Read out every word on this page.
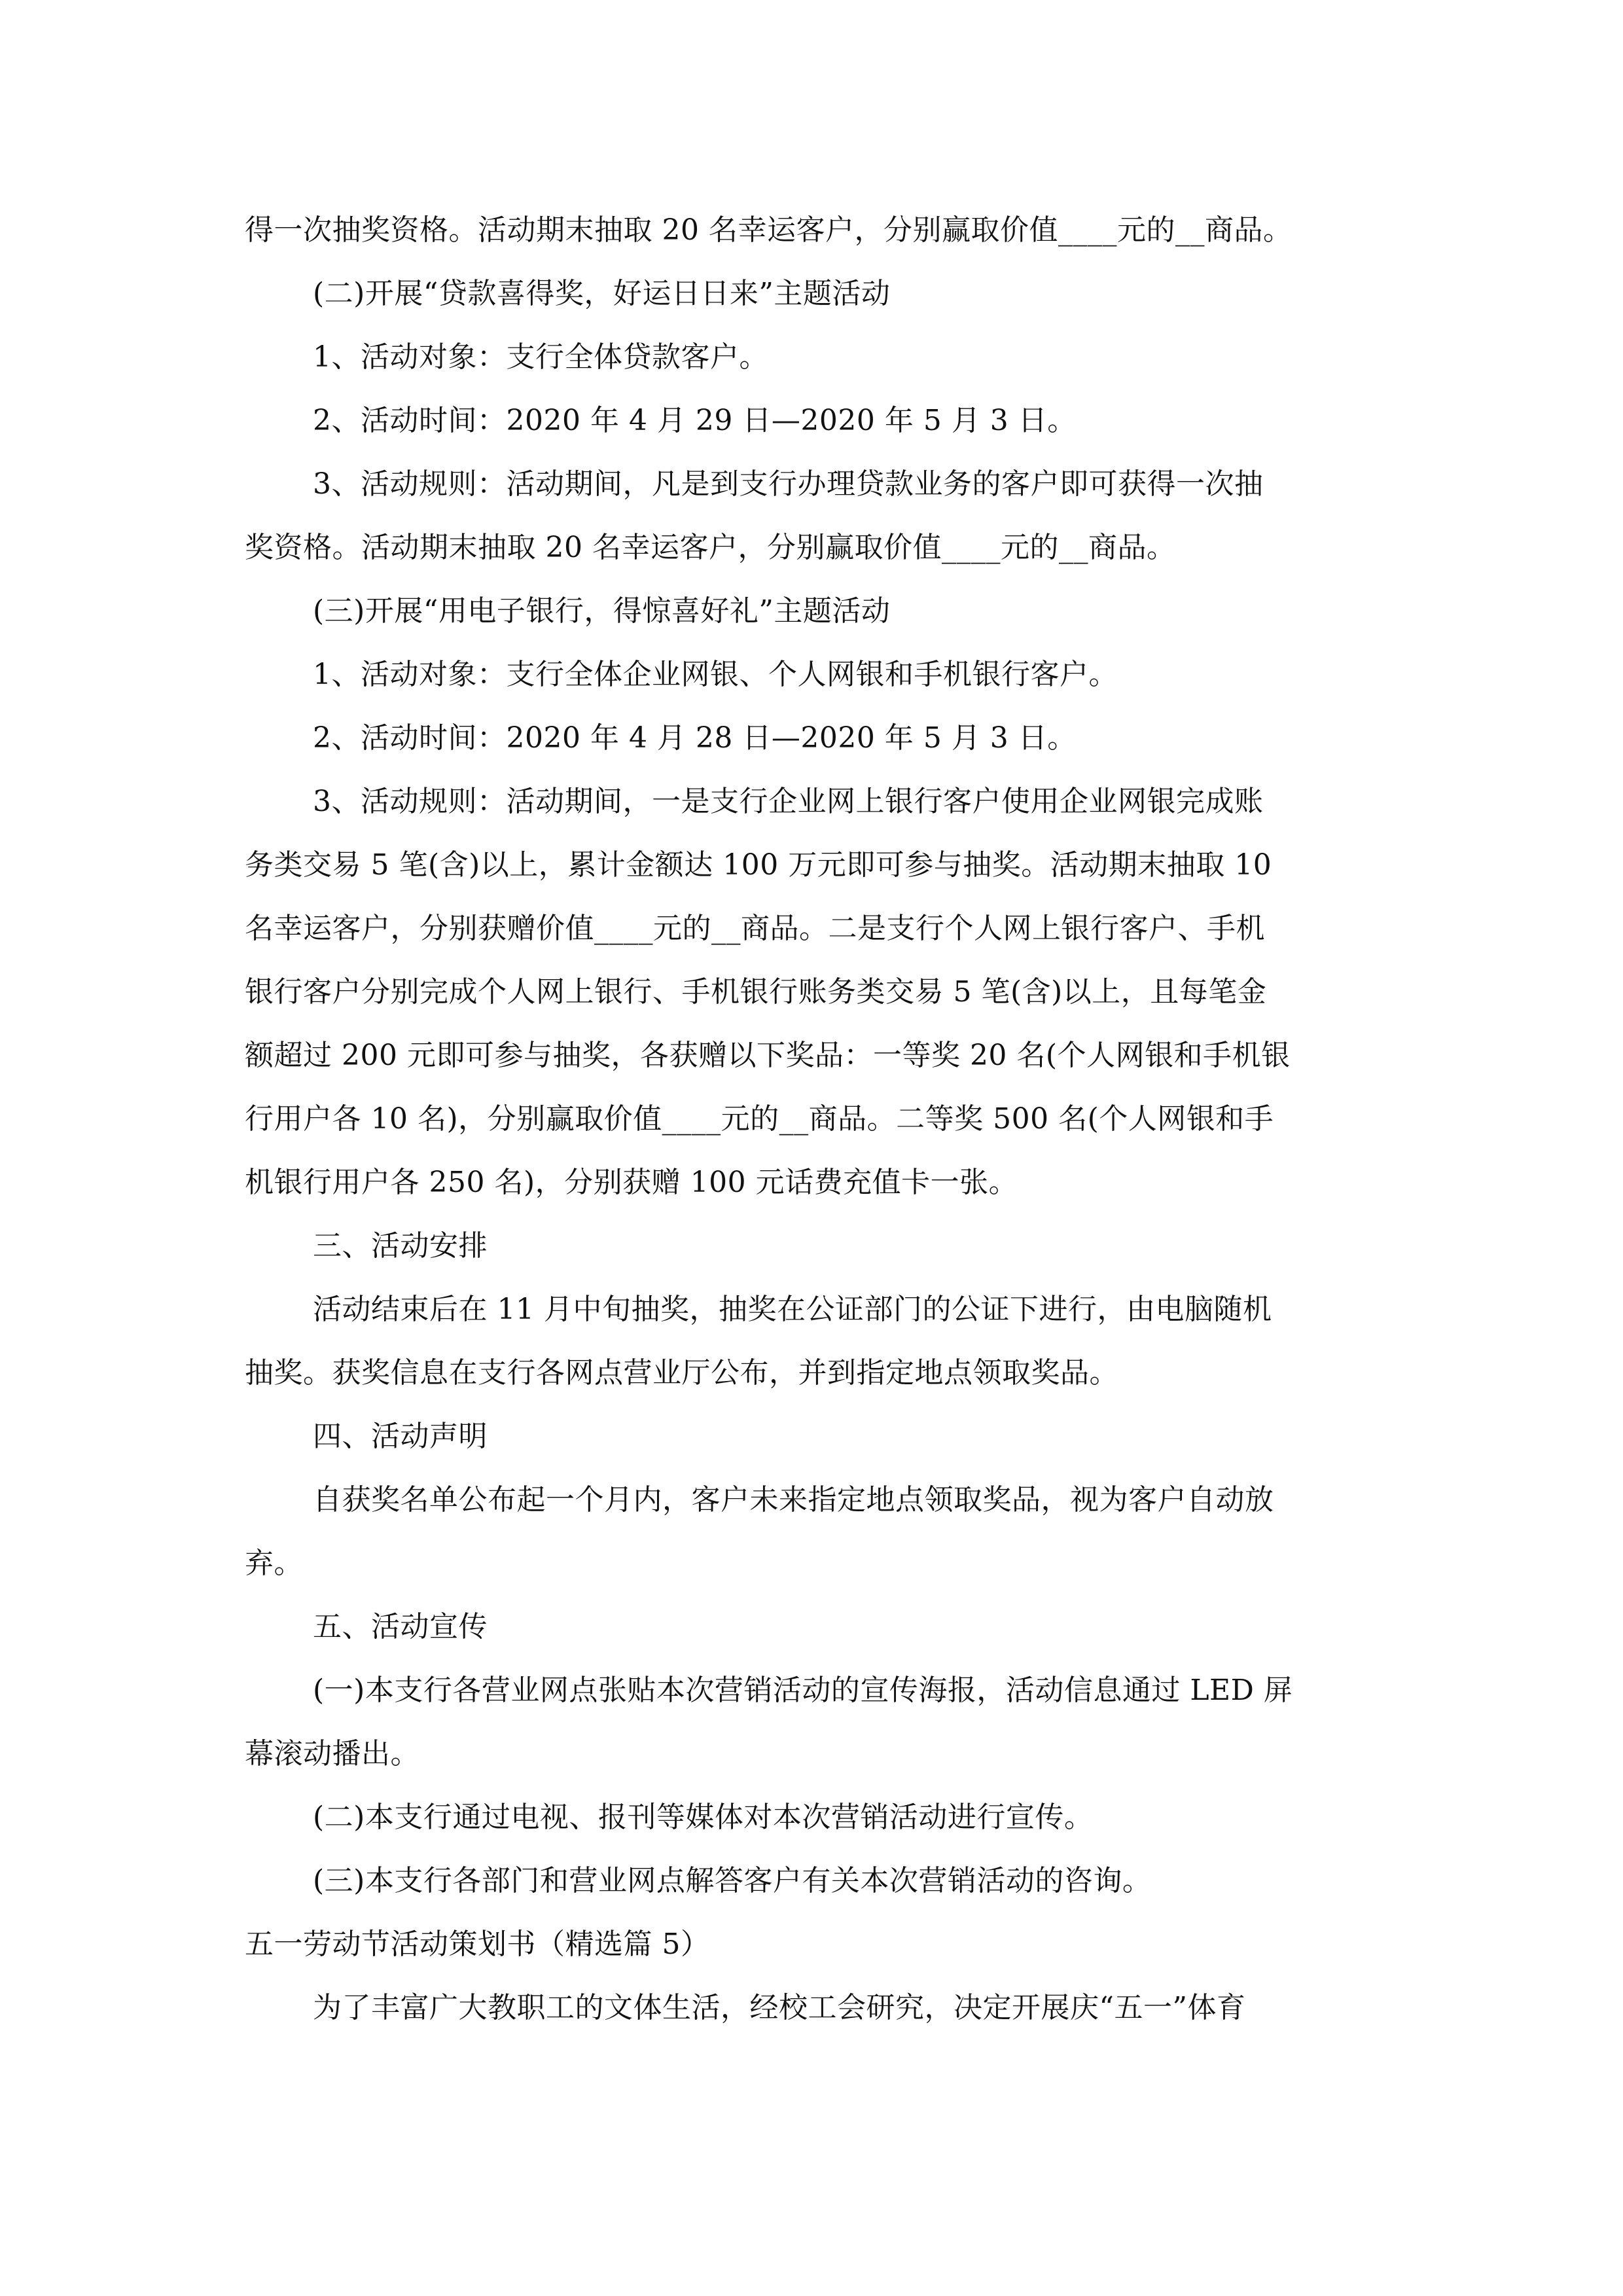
得一次抽奖资格。活动期末抽取 20 名幸运客户，分别赢取价值____元的__商品。
(二)开展“贷款喜得奖，好运日日来”主题活动
1、活动对象：支行全体贷款客户。
2、活动时间：2020 年 4 月 29 日—2020 年 5 月 3 日。
3、活动规则：活动期间，凡是到支行办理贷款业务的客户即可获得一次抽
奖资格。活动期末抽取 20 名幸运客户，分别赢取价值____元的__商品。
(三)开展“用电子银行，得惊喜好礼”主题活动
1、活动对象：支行全体企业网银、个人网银和手机银行客户。
2、活动时间：2020 年 4 月 28 日—2020 年 5 月 3 日。
3、活动规则：活动期间，一是支行企业网上银行客户使用企业网银完成账
务类交易 5 笔(含)以上，累计金额达 100 万元即可参与抽奖。活动期末抽取 10
名幸运客户，分别获赠价值____元的__商品。二是支行个人网上银行客户、手机
银行客户分别完成个人网上银行、手机银行账务类交易 5 笔(含)以上，且每笔金
额超过 200 元即可参与抽奖，各获赠以下奖品：一等奖 20 名(个人网银和手机银
行用户各 10 名)，分别赢取价值____元的__商品。二等奖 500 名(个人网银和手
机银行用户各 250 名)，分别获赠 100 元话费充值卡一张。
三、活动安排
活动结束后在 11 月中旬抽奖，抽奖在公证部门的公证下进行，由电脑随机
抽奖。获奖信息在支行各网点营业厅公布，并到指定地点领取奖品。
四、活动声明
自获奖名单公布起一个月内，客户未来指定地点领取奖品，视为客户自动放
弃。
五、活动宣传
(一)本支行各营业网点张贴本次营销活动的宣传海报，活动信息通过 LED 屏
幕滚动播出。
(二)本支行通过电视、报刊等媒体对本次营销活动进行宣传。
(三)本支行各部门和营业网点解答客户有关本次营销活动的咨询。
五一劳动节活动策划书（精选篇 5）
为了丰富广大教职工的文体生活，经校工会研究，决定开展庆“五一”体育
